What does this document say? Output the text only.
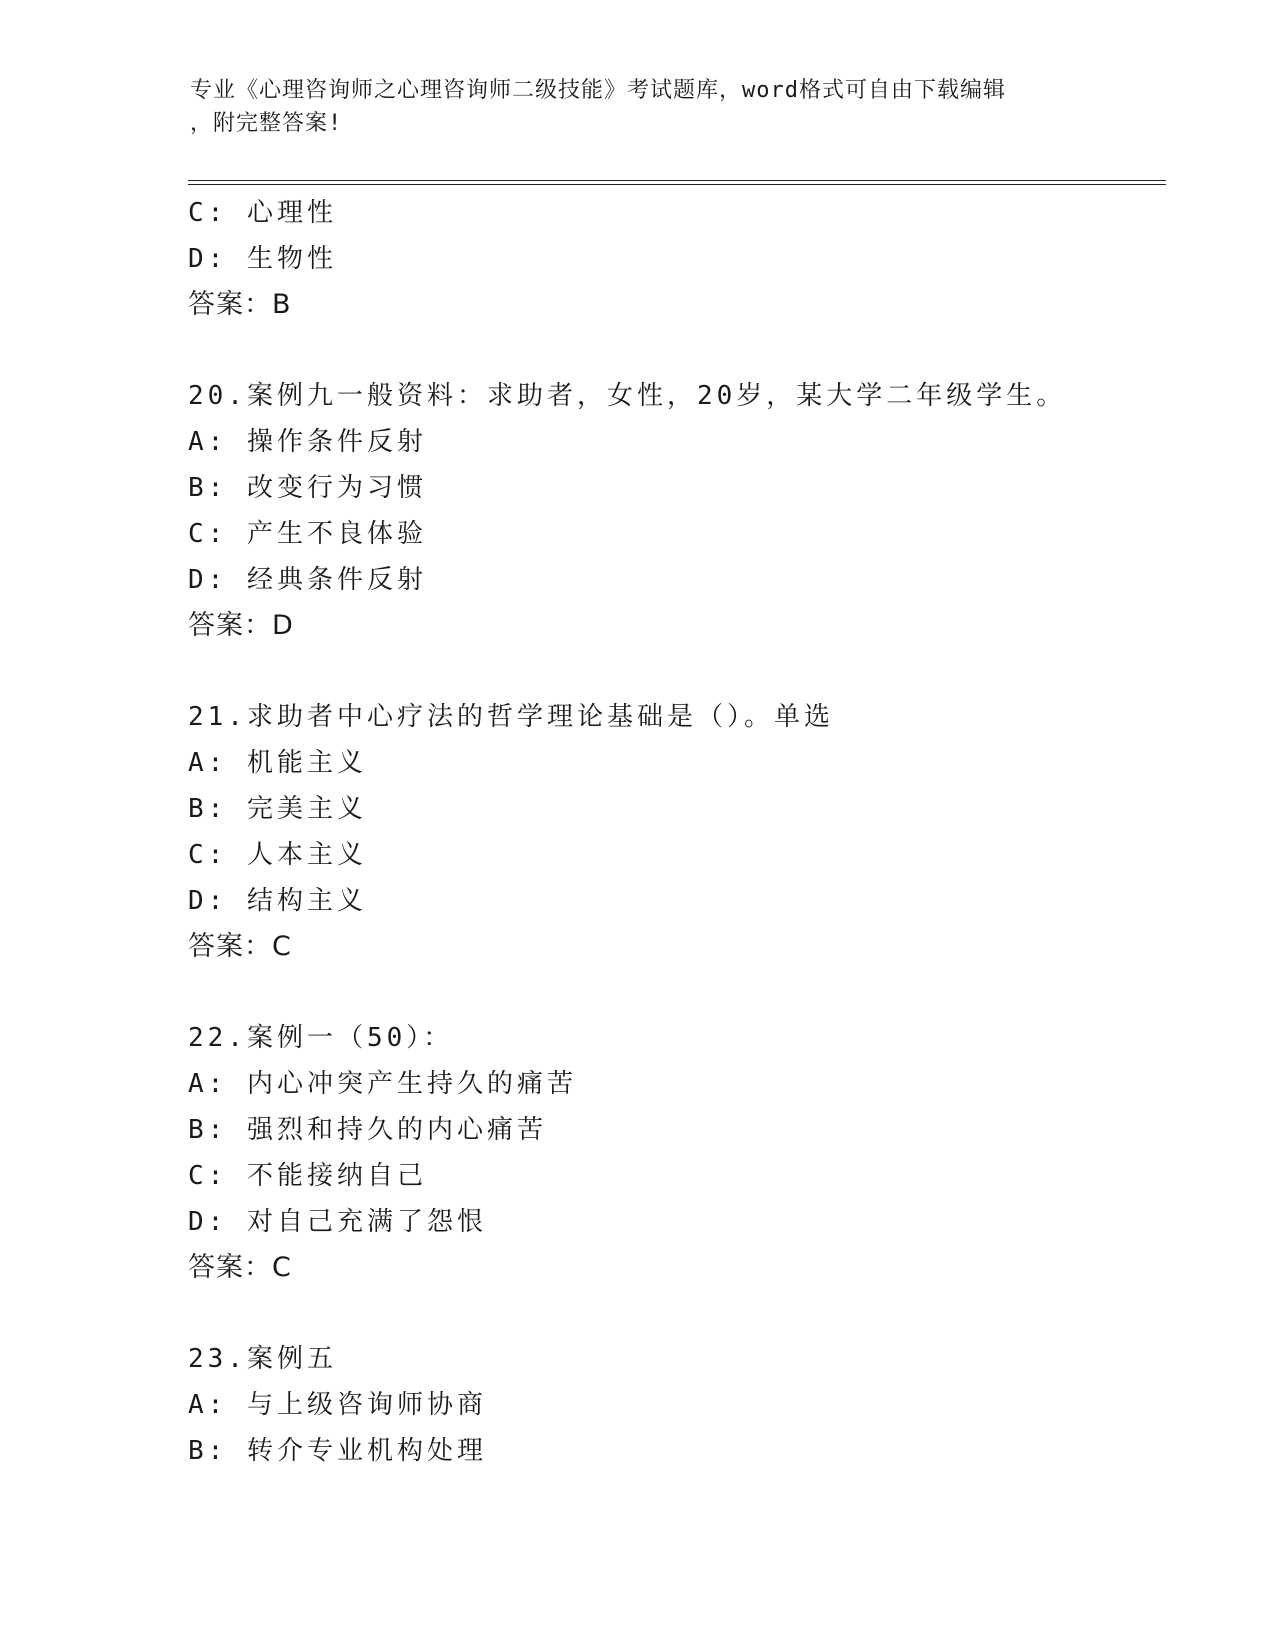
专业《心理咨询师之心理咨询师二级技能》考试题库，word格式可自由下载编辑
，附完整答案!
C: 心理性
D: 生物性
答案：B
20.案例九一般资料：求助者，女性，20岁，某大学二年级学生。
A: 操作条件反射
B: 改变行为习惯
C: 产生不良体验
D: 经典条件反射
答案：D
21.求助者中心疗法的哲学理论基础是（）。单选
A: 机能主义
B: 完美主义
C: 人本主义
D: 结构主义
答案：C
22.案例一（50）：
A: 内心冲突产生持久的痛苦
B: 强烈和持久的内心痛苦
C: 不能接纳自己
D: 对自己充满了怨恨
答案：C
23.案例五
A: 与上级咨询师协商
B: 转介专业机构处理
